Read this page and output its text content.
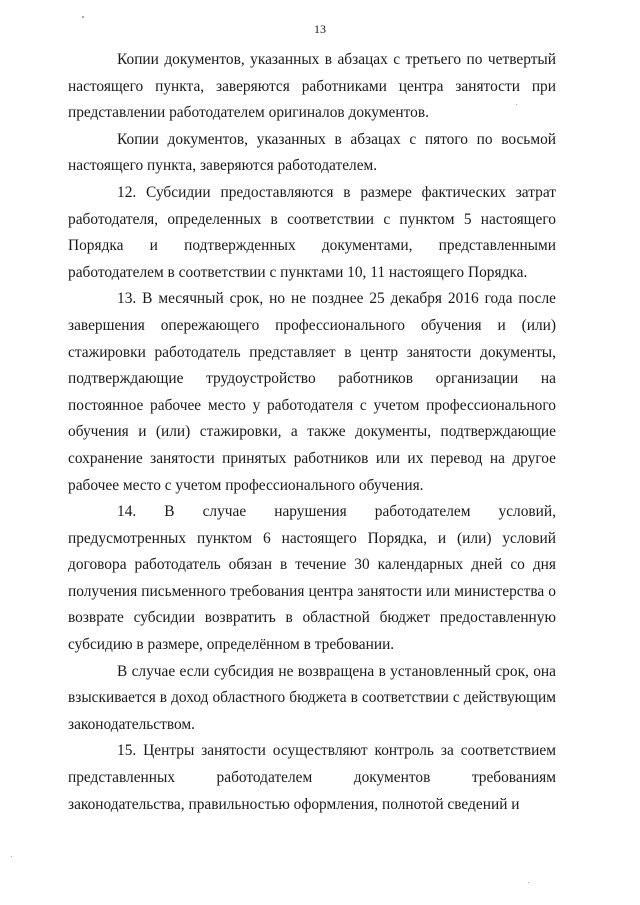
13

Копии документов, указанных в абзацах с третьего по четвертый настоящего пункта, заверяются работниками центра занятости при представлении работодателем оригиналов документов.

Копии документов, указанных в абзацах с пятого по восьмой настоящего пункта, заверяются работодателем.

12. Субсидии предоставляются в размере фактических затрат работодателя, определенных в соответствии с пунктом 5 настоящего Порядка и подтвержденных документами, представленными работодателем в соответствии с пунктами 10, 11 настоящего Порядка.

13. В месячный срок, но не позднее 25 декабря 2016 года после завершения опережающего профессионального обучения и (или) стажировки работодатель представляет в центр занятости документы, подтверждающие трудоустройство работников организации на постоянное рабочее место у работодателя с учетом профессионального обучения и (или) стажировки, а также документы, подтверждающие сохранение занятости принятых работников или их перевод на другое рабочее место с учетом профессионального обучения.

14. В случае нарушения работодателем условий, предусмотренных пунктом 6 настоящего Порядка, и (или) условий договора работодатель обязан в течение 30 календарных дней со дня получения письменного требования центра занятости или министерства о возврате субсидии возвратить в областной бюджет предоставленную субсидию в размере, определённом в требовании.

В случае если субсидия не возвращена в установленный срок, она взыскивается в доход областного бюджета в соответствии с действующим законодательством.

15. Центры занятости осуществляют контроль за соответствием представленных работодателем документов требованиям законодательства, правильностью оформления, полнотой сведений и
